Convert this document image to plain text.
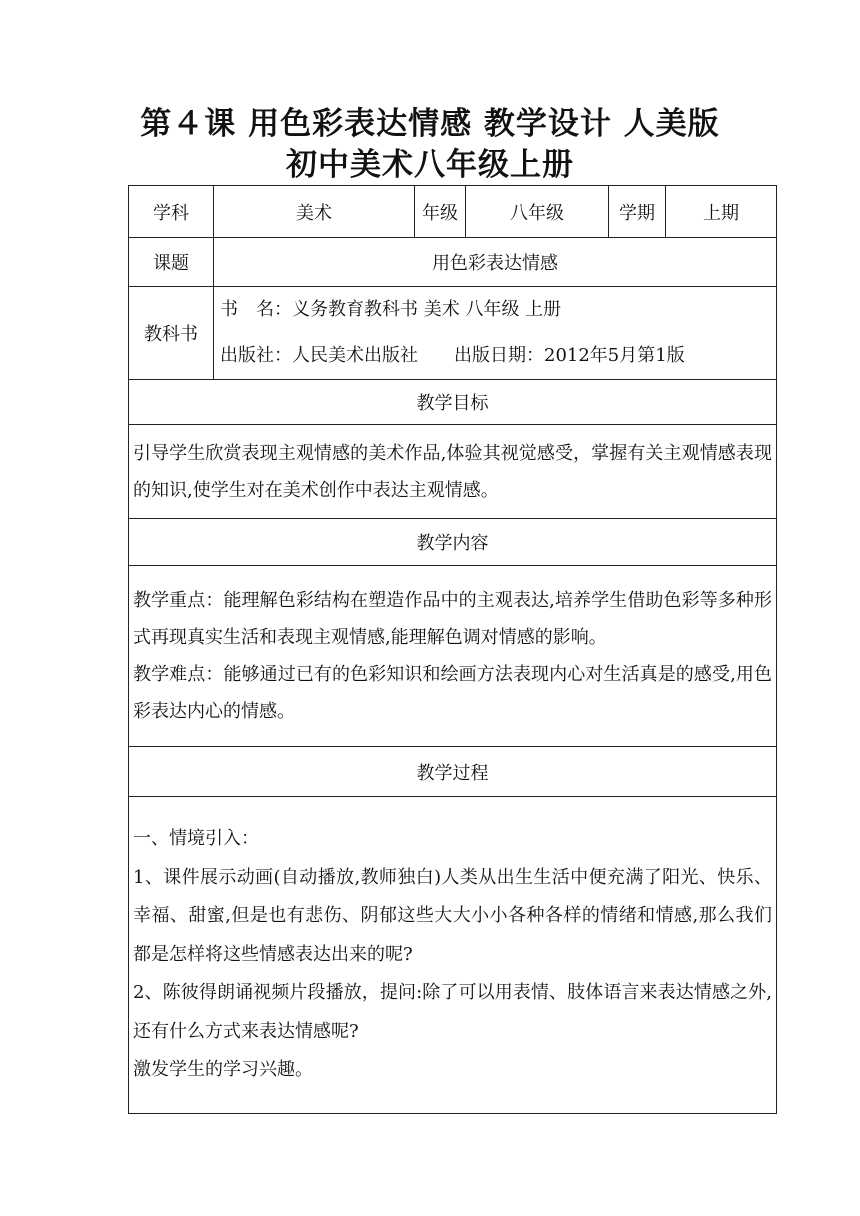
第４课 用色彩表达情感 教学设计 人美版
初中美术八年级上册
学科	美术	年级	八年级	学期	上期
课题	用色彩表达情感				
教科书	书　名：义务教育教科书 美术 八年级 上册
出版社：人民美术出版社　　出版日期：2012年5月第1版				

教学目标					
引导学生欣赏表现主观情感的美术作品,体验其视觉感受，掌握有关主观情感表现的知识,使学生对在美术创作中表达主观情感。					
教学内容					

教学重点：能理解色彩结构在塑造作品中的主观表达,培养学生借助色彩等多种形式再现真实生活和表现主观情感,能理解色调对情感的影响。
教学难点：能够通过已有的色彩知识和绘画方法表现内心对生活真是的感受,用色彩表达内心的情感。					

教学过程					

一、情境引入：
1、课件展示动画(自动播放,教师独白)人类从出生生活中便充满了阳光、快乐、幸福、甜蜜,但是也有悲伤、阴郁这些大大小小各种各样的情绪和情感,那么我们都是怎样将这些情感表达出来的呢?
2、陈彼得朗诵视频片段播放，提问:除了可以用表情、肢体语言来表达情感之外,还有什么方式来表达情感呢?
激发学生的学习兴趣。					
